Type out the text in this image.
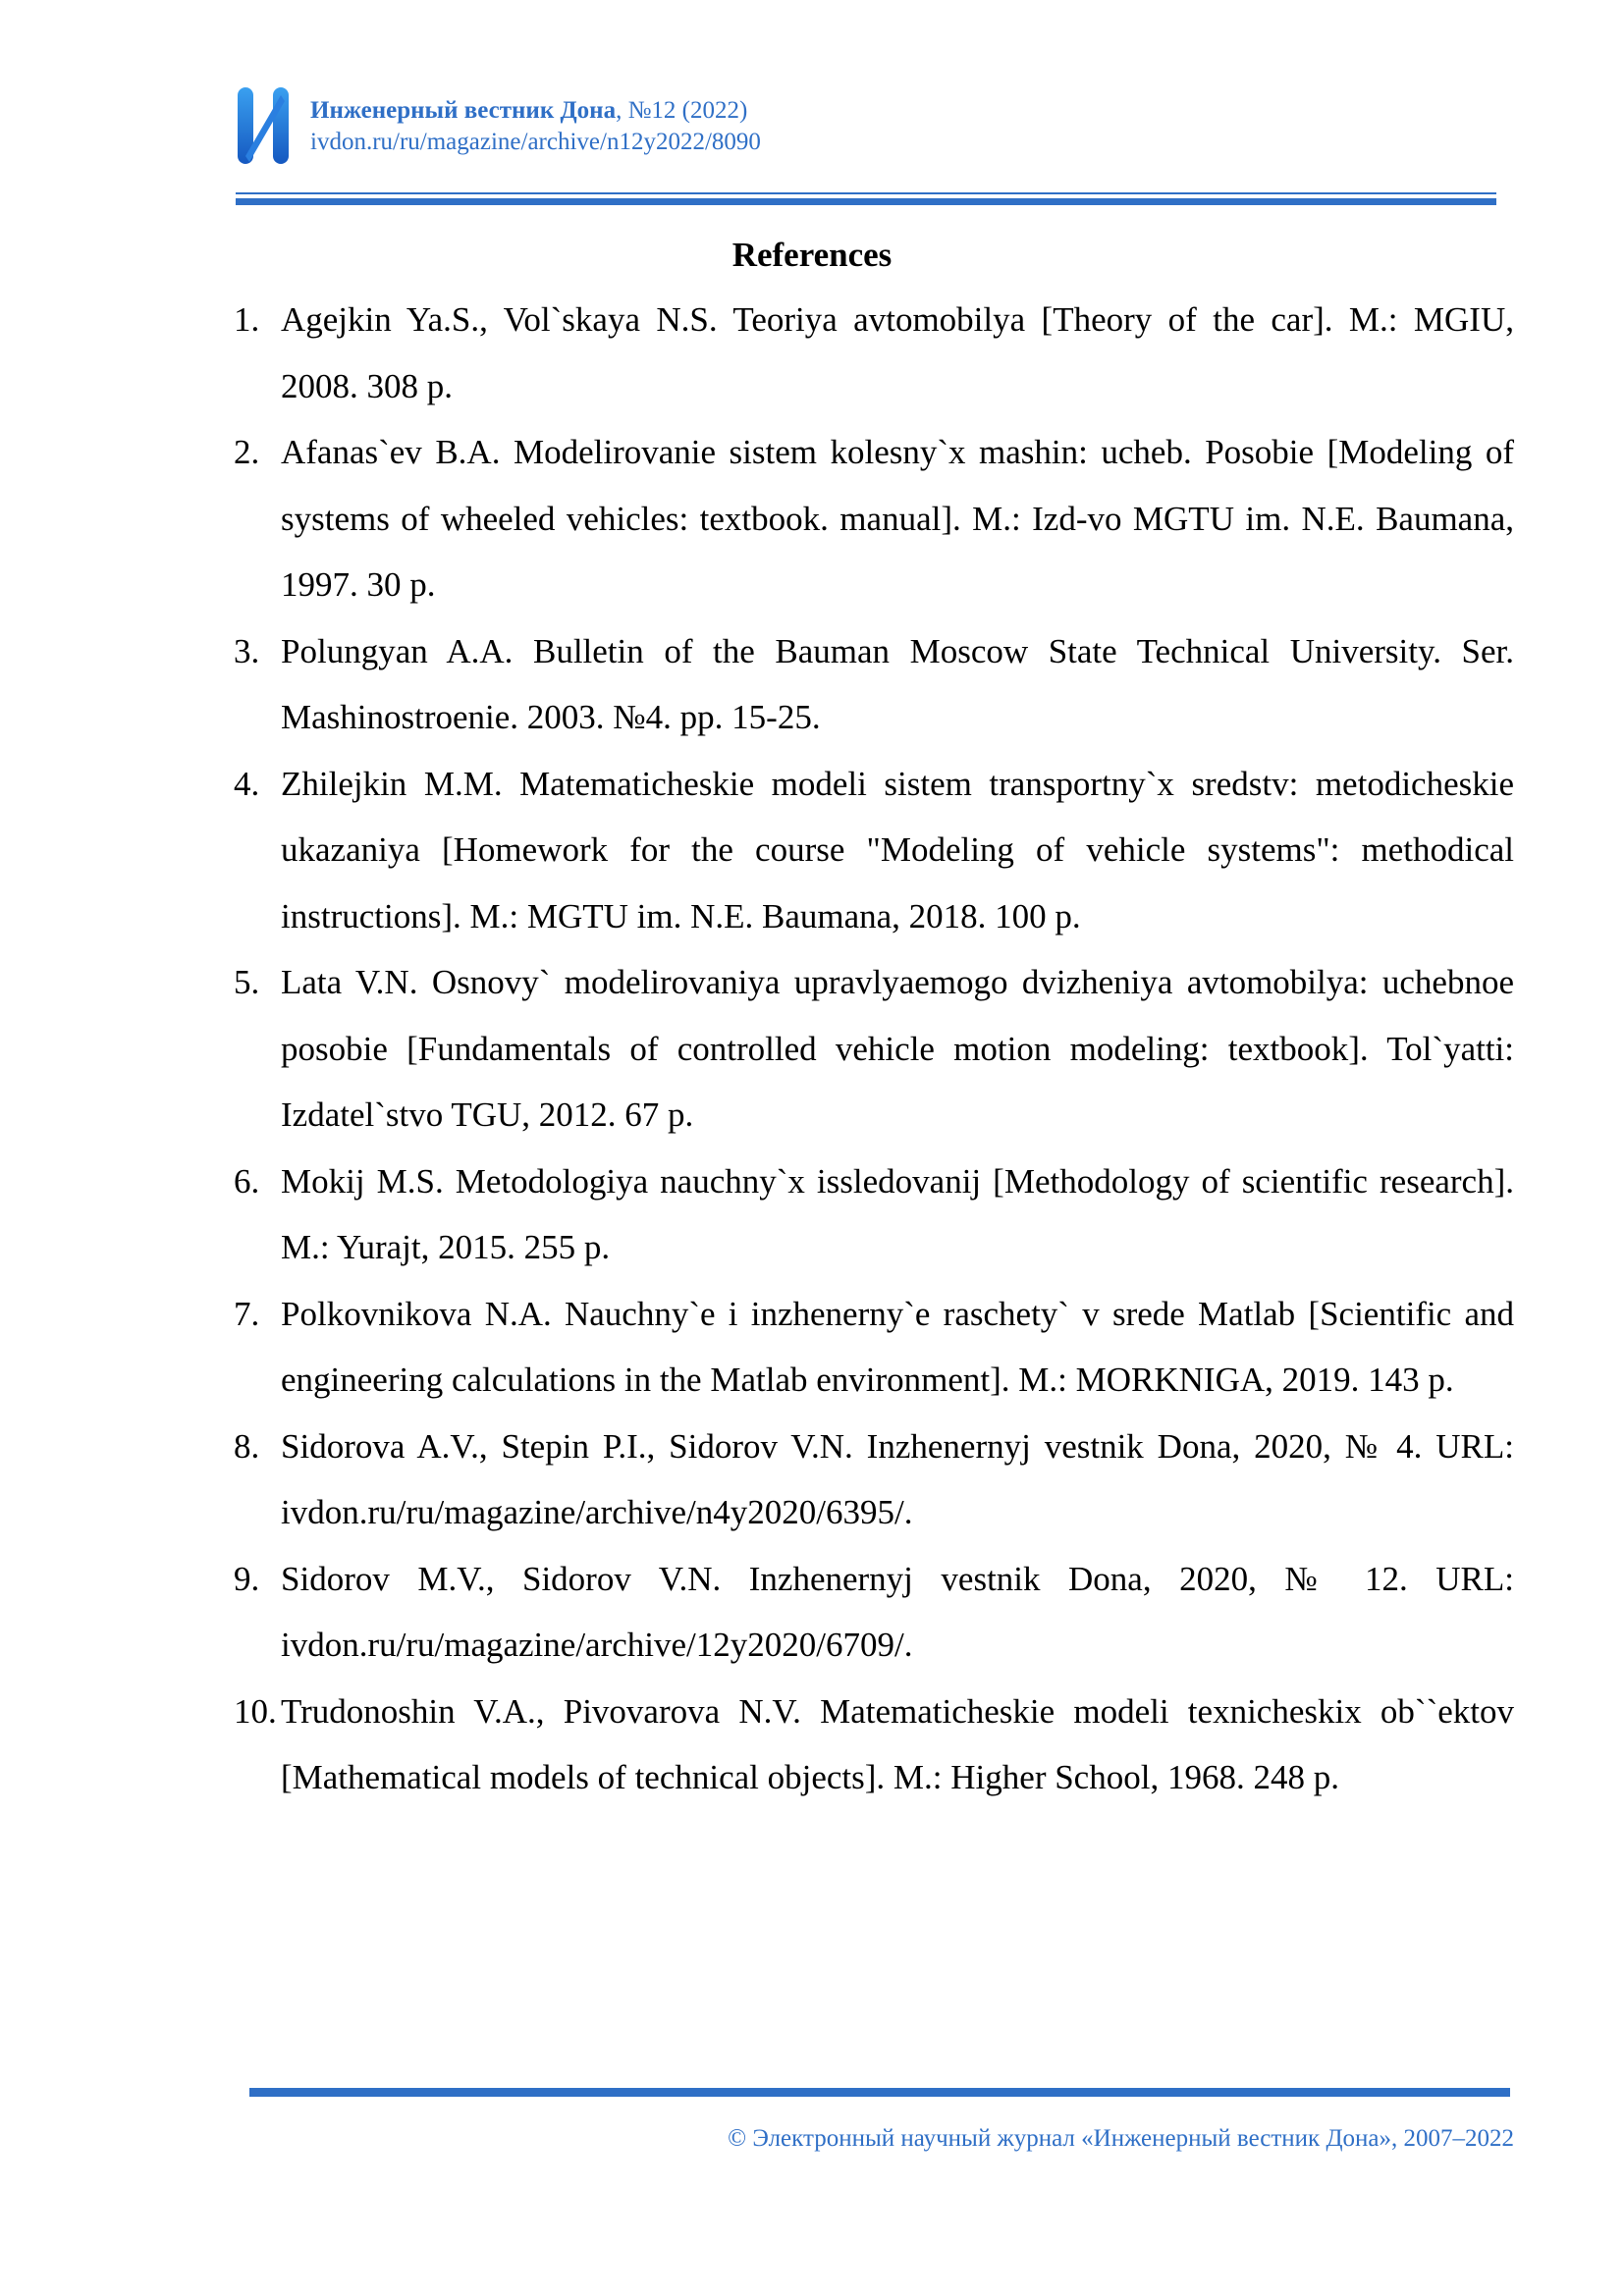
Инженерный вестник Дона, №12 (2022)
ivdon.ru/ru/magazine/archive/n12y2022/8090
References
1. Agejkin Ya.S., Vol`skaya N.S. Teoriya avtomobilya [Theory of the car]. M.: MGIU, 2008. 308 p.
2. Afanas`ev B.A. Modelirovanie sistem kolesny`x mashin: ucheb. Posobie [Modeling of systems of wheeled vehicles: textbook. manual]. M.: Izd-vo MGTU im. N.E. Baumana, 1997. 30 p.
3. Polungyan A.A. Bulletin of the Bauman Moscow State Technical University. Ser. Mashinostroenie. 2003. №4. pp. 15-25.
4. Zhilejkin M.M. Matematicheskie modeli sistem transportny`x sredstv: metodicheskie ukazaniya [Homework for the course "Modeling of vehicle systems": methodical instructions]. M.: MGTU im. N.E. Baumana, 2018. 100 p.
5. Lata V.N. Osnovy` modelirovaniya upravlyaemogo dvizheniya avtomobilya: uchebnoe posobie [Fundamentals of controlled vehicle motion modeling: textbook]. Tol`yatti: Izdatel`stvo TGU, 2012. 67 p.
6. Mokij M.S. Metodologiya nauchny`x issledovanij [Methodology of scientific research]. M.: Yurajt, 2015. 255 p.
7. Polkovnikova N.A. Nauchny`e i inzhenerny`e raschety` v srede Matlab [Scientific and engineering calculations in the Matlab environment]. M.: MORKNIGA, 2019. 143 p.
8. Sidorova A.V., Stepin P.I., Sidorov V.N. Inzhenernyj vestnik Dona, 2020, № 4. URL: ivdon.ru/ru/magazine/archive/n4y2020/6395/.
9. Sidorov M.V., Sidorov V.N. Inzhenernyj vestnik Dona, 2020, № 12. URL: ivdon.ru/ru/magazine/archive/12y2020/6709/.
10. Trudonoshin V.A., Pivovarova N.V. Matematicheskie modeli texnicheskix ob``ektov [Mathematical models of technical objects]. M.: Higher School, 1968. 248 p.
© Электронный научный журнал «Инженерный вестник Дона», 2007–2022
